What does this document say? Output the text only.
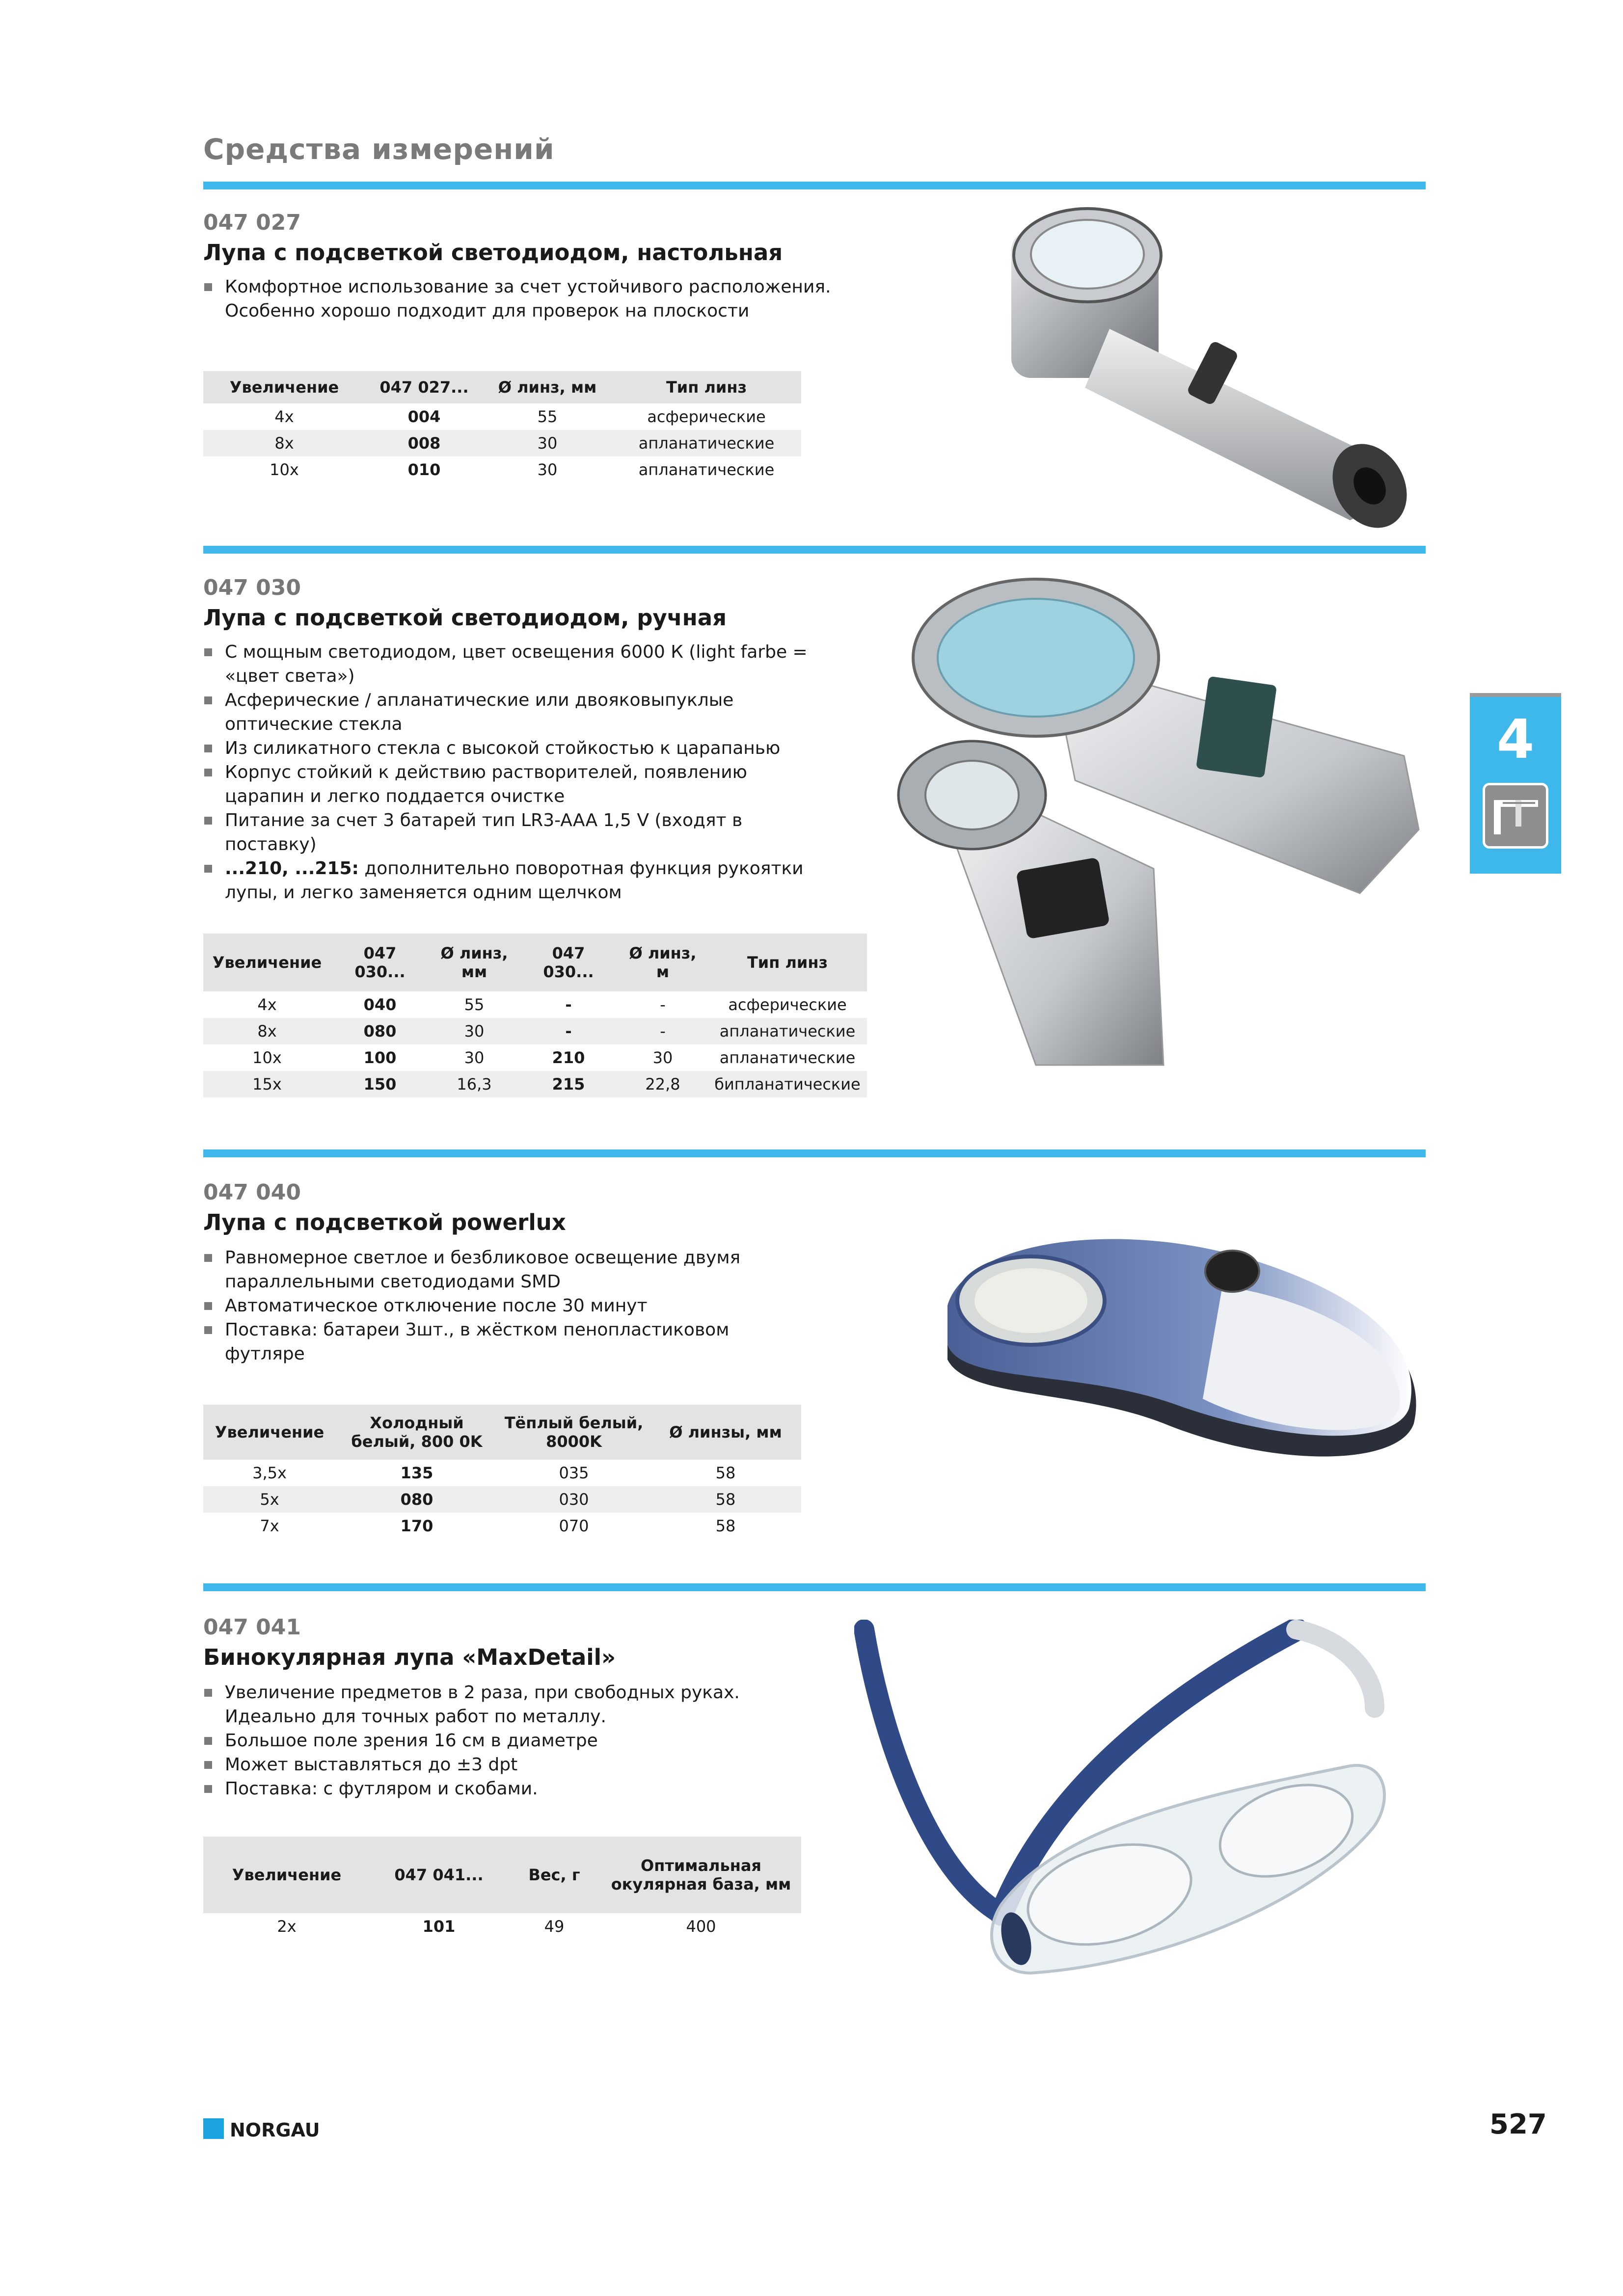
Средства измерений
047 027
Лупа с подсветкой светодиодом, настольная
Комфортное использование за счет устойчивого расположения. Особенно хорошо подходит для проверок на плоскости
Увеличение	047 027...	Ø линз, мм	Тип линз
4x	004	55	асферические
8x	008	30	апланатические
10x	010	30	апланатические
047 030
Лупа с подсветкой светодиодом, ручная
С мощным светодиодом, цвет освещения 6000 К (light farbe = «цвет света»)
Асферические / апланатические или двояковыпуклые оптические стекла
Из силикатного стекла с высокой стойкостью к царапанью
Корпус стойкий к действию растворителей, появлению царапин и легко поддается очистке
Питание за счет 3 батарей тип LR3-AAA 1,5 V (входят в поставку)
...210, ...215: дополнительно поворотная функция рукоятки лупы, и легко заменяется одним щелчком
Увеличение	047 030...	Ø линз, мм	047 030...	Ø линз, м	Тип линз
4x	040	55	-	-	асферические
8x	080	30	-	-	апланатические
10x	100	30	210	30	апланатические
15x	150	16,3	215	22,8	бипланатические
047 040
Лупа с подсветкой powerlux
Равномерное светлое и безбликовое освещение двумя параллельными светодиодами SMD
Автоматическое отключение после 30 минут
Поставка: батареи 3шт., в жёстком пенопластиковом футляре
Увеличение	Холодный белый, 800 0K	Тёплый белый, 8000K	Ø линзы, мм
3,5x	135	035	58
5x	080	030	58
7x	170	070	58
047 041
Бинокулярная лупа «MaxDetail»
Увеличение предметов в 2 раза, при свободных руках. Идеально для точных работ по металлу.
Большое поле зрения 16 см в диаметре
Может выставляться до ±3 dpt
Поставка: с футляром и скобами.
Увеличение	047 041...	Вес, г	Оптимальная окулярная база, мм
2x	101	49	400
4
NORGAU	527
